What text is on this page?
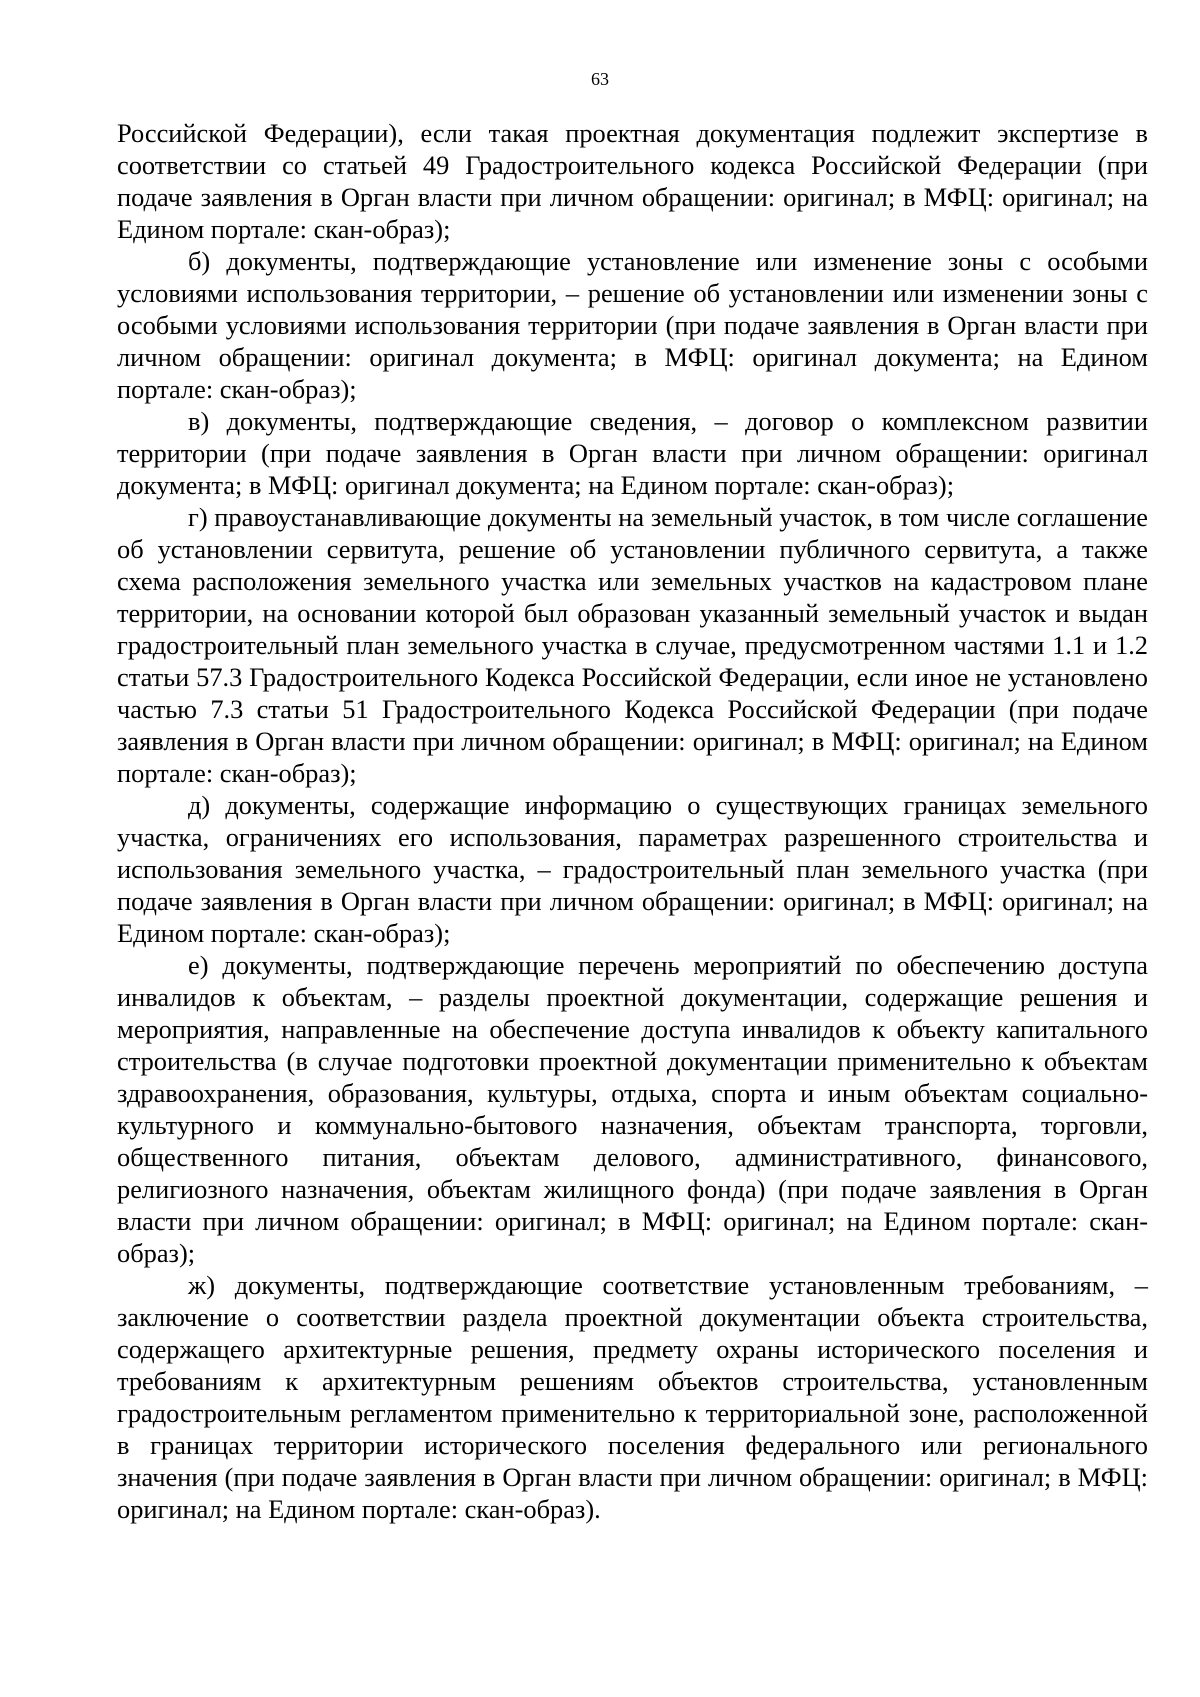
63

Российской Федерации), если такая проектная документация подлежит экспертизе в соответствии со статьей 49 Градостроительного кодекса Российской Федерации (при подаче заявления в Орган власти при личном обращении: оригинал; в МФЦ: оригинал; на Едином портале: скан-образ);

б) документы, подтверждающие установление или изменение зоны с особыми условиями использования территории, – решение об установлении или изменении зоны с особыми условиями использования территории (при подаче заявления в Орган власти при личном обращении: оригинал документа; в МФЦ: оригинал документа; на Едином портале: скан-образ);

в) документы, подтверждающие сведения, – договор о комплексном развитии территории (при подаче заявления в Орган власти при личном обращении: оригинал документа; в МФЦ: оригинал документа; на Едином портале: скан-образ);

г) правоустанавливающие документы на земельный участок, в том числе соглашение об установлении сервитута, решение об установлении публичного сервитута, а также схема расположения земельного участка или земельных участков на кадастровом плане территории, на основании которой был образован указанный земельный участок и выдан градостроительный план земельного участка в случае, предусмотренном частями 1.1 и 1.2 статьи 57.3 Градостроительного Кодекса Российской Федерации, если иное не установлено частью 7.3 статьи 51 Градостроительного Кодекса Российской Федерации (при подаче заявления в Орган власти при личном обращении: оригинал; в МФЦ: оригинал; на Едином портале: скан-образ);

д) документы, содержащие информацию о существующих границах земельного участка, ограничениях его использования, параметрах разрешенного строительства и использования земельного участка, – градостроительный план земельного участка (при подаче заявления в Орган власти при личном обращении: оригинал; в МФЦ: оригинал; на Едином портале: скан-образ);

е) документы, подтверждающие перечень мероприятий по обеспечению доступа инвалидов к объектам, – разделы проектной документации, содержащие решения и мероприятия, направленные на обеспечение доступа инвалидов к объекту капитального строительства (в случае подготовки проектной документации применительно к объектам здравоохранения, образования, культуры, отдыха, спорта и иным объектам социально-культурного и коммунально-бытового назначения, объектам транспорта, торговли, общественного питания, объектам делового, административного, финансового, религиозного назначения, объектам жилищного фонда) (при подаче заявления в Орган власти при личном обращении: оригинал; в МФЦ: оригинал; на Едином портале: скан-образ);

ж) документы, подтверждающие соответствие установленным требованиям, – заключение о соответствии раздела проектной документации объекта строительства, содержащего архитектурные решения, предмету охраны исторического поселения и требованиям к архитектурным решениям объектов строительства, установленным градостроительным регламентом применительно к территориальной зоне, расположенной в границах территории исторического поселения федерального или регионального значения (при подаче заявления в Орган власти при личном обращении: оригинал; в МФЦ: оригинал; на Едином портале: скан-образ).
